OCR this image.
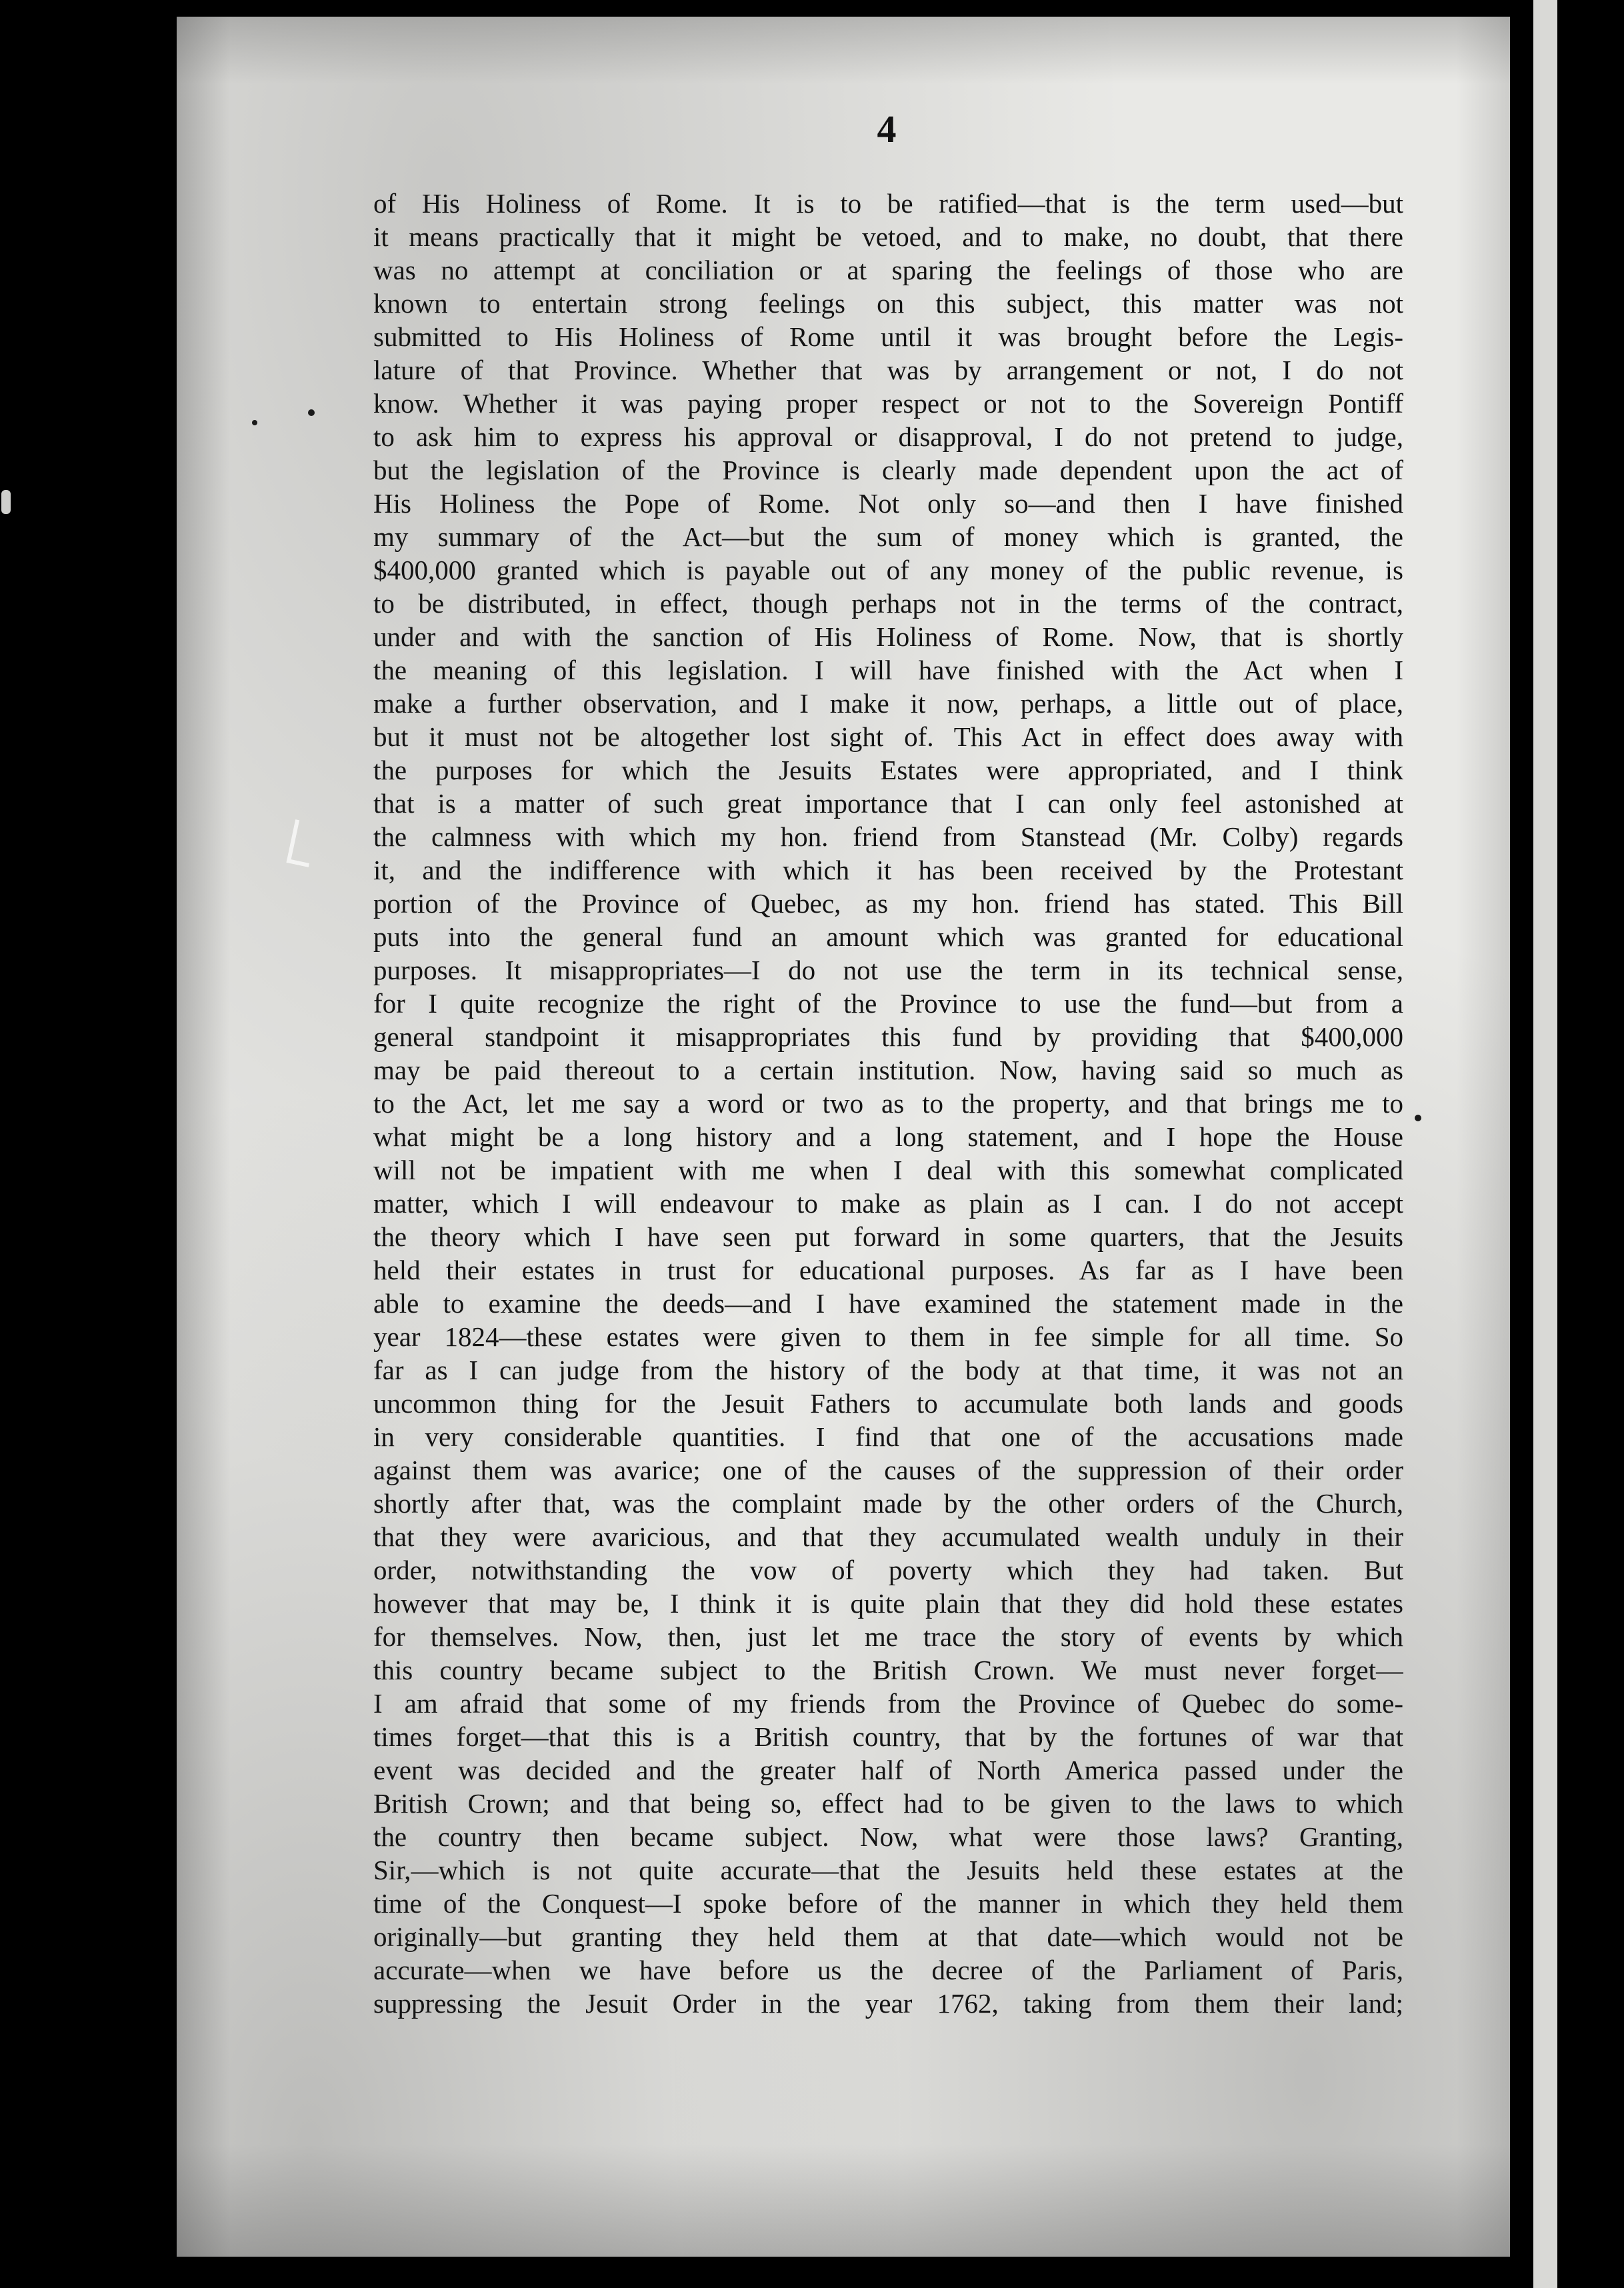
4
of His Holiness of Rome. It is to be ratified—that is the term used—but
it means practically that it might be vetoed, and to make, no doubt, that there
was no attempt at conciliation or at sparing the feelings of those who are
known to entertain strong feelings on this subject, this matter was not
submitted to His Holiness of Rome until it was brought before the Legis-
lature of that Province. Whether that was by arrangement or not, I do not
know. Whether it was paying proper respect or not to the Sovereign Pontiff
to ask him to express his approval or disapproval, I do not pretend to judge,
but the legislation of the Province is clearly made dependent upon the act of
His Holiness the Pope of Rome. Not only so—and then I have finished
my summary of the Act—but the sum of money which is granted, the
$400,000 granted which is payable out of any money of the public revenue, is
to be distributed, in effect, though perhaps not in the terms of the contract,
under and with the sanction of His Holiness of Rome. Now, that is shortly
the meaning of this legislation. I will have finished with the Act when I
make a further observation, and I make it now, perhaps, a little out of place,
but it must not be altogether lost sight of. This Act in effect does away with
the purposes for which the Jesuits Estates were appropriated, and I think
that is a matter of such great importance that I can only feel astonished at
the calmness with which my hon. friend from Stanstead (Mr. Colby) regards
it, and the indifference with which it has been received by the Protestant
portion of the Province of Quebec, as my hon. friend has stated. This Bill
puts into the general fund an amount which was granted for educational
purposes. It misappropriates—I do not use the term in its technical sense,
for I quite recognize the right of the Province to use the fund—but from a
general standpoint it misappropriates this fund by providing that $400,000
may be paid thereout to a certain institution. Now, having said so much as
to the Act, let me say a word or two as to the property, and that brings me to
what might be a long history and a long statement, and I hope the House
will not be impatient with me when I deal with this somewhat complicated
matter, which I will endeavour to make as plain as I can. I do not accept
the theory which I have seen put forward in some quarters, that the Jesuits
held their estates in trust for educational purposes. As far as I have been
able to examine the deeds—and I have examined the statement made in the
year 1824—these estates were given to them in fee simple for all time. So
far as I can judge from the history of the body at that time, it was not an
uncommon thing for the Jesuit Fathers to accumulate both lands and goods
in very considerable quantities. I find that one of the accusations made
against them was avarice; one of the causes of the suppression of their order
shortly after that, was the complaint made by the other orders of the Church,
that they were avaricious, and that they accumulated wealth unduly in their
order, notwithstanding the vow of poverty which they had taken. But
however that may be, I think it is quite plain that they did hold these estates
for themselves. Now, then, just let me trace the story of events by which
this country became subject to the British Crown. We must never forget—
I am afraid that some of my friends from the Province of Quebec do some-
times forget—that this is a British country, that by the fortunes of war that
event was decided and the greater half of North America passed under the
British Crown; and that being so, effect had to be given to the laws to which
the country then became subject. Now, what were those laws? Granting,
Sir,—which is not quite accurate—that the Jesuits held these estates at the
time of the Conquest—I spoke before of the manner in which they held them
originally—but granting they held them at that date—which would not be
accurate—when we have before us the decree of the Parliament of Paris,
suppressing the Jesuit Order in the year 1762, taking from them their land;
